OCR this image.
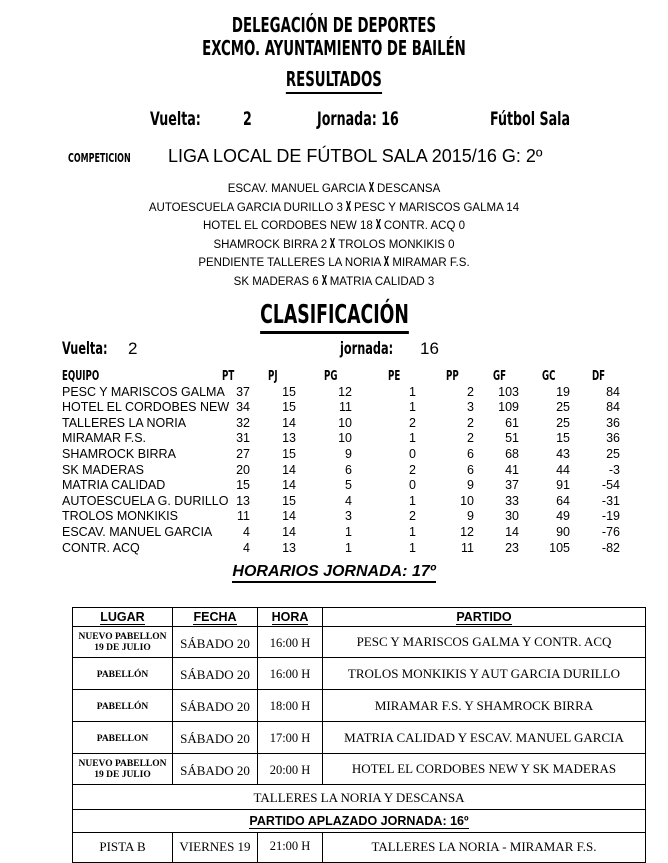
DELEGACIÓN DE DEPORTES
EXCMO. AYUNTAMIENTO DE BAILÉN
RESULTADOS
Vuelta: 2	Jornada: 16	Fútbol Sala
COMPETICION LIGA LOCAL DE FÚTBOL SALA 2015/16 G: 2º
ESCAV. MANUEL GARCIA X DESCANSA
AUTOESCUELA GARCIA DURILLO 3 X PESC Y MARISCOS GALMA 14
HOTEL EL CORDOBES NEW 18 X CONTR. ACQ 0
SHAMROCK BIRRA 2 X TROLOS MONKIKIS 0
PENDIENTE TALLERES LA NORIA X MIRAMAR F.S.
SK MADERAS 6 X MATRIA CALIDAD 3
CLASIFICACIÓN
Vuelta: 2	jornada: 16
EQUIPO	PT	PJ	PG	PE	PP	GF	GC	DF
PESC Y MARISCOS GALMA 37	15	12	1	2	103	19	84
HOTEL EL CORDOBES NEW 34	15	11	1	3	109	25	84
TALLERES LA NORIA	32	14	10	2	2	61	25	36
MIRAMAR F.S.	31	13	10	1	2	51	15	36
SHAMROCK BIRRA	27	15	9	0	6	68	43	25
SK MADERAS	20	14	6	2	6	41	44	-3
MATRIA CALIDAD	15	14	5	0	9	37	91	-54
AUTOESCUELA G. DURILLO 13	15	4	1	10	33	64	-31
TROLOS MONKIKIS	11	14	3	2	9	30	49	-19
ESCAV. MANUEL GARCIA	4	14	1	1	12	14	90	-76
CONTR. ACQ	4	13	1	1	11	23	105	-82
HORARIOS JORNADA: 17º
LUGAR	FECHA	HORA	PARTIDO

NUEVO PABELLON
19 DE JULIO	SÁBADO 20	16:00 H	PESC Y MARISCOS GALMA Y CONTR. ACQ

PABELLÓN	SÁBADO 20	16:00 H	TROLOS MONKIKIS Y AUT GARCIA DURILLO

PABELLÓN	SÁBADO 20	18:00 H	MIRAMAR F.S. Y SHAMROCK BIRRA

PABELLON	SÁBADO 20	17:00 H	MATRIA CALIDAD Y ESCAV. MANUEL GARCIA

NUEVO PABELLON
19 DE JULIO	SÁBADO 20	20:00 H	HOTEL EL CORDOBES NEW Y SK MADERAS
TALLERES LA NORIA Y DESCANSA			
PARTIDO APLAZADO JORNADA: 16º			
PISTA B	VIERNES 19	21:00 H	TALLERES LA NORIA - MIRAMAR F.S.
